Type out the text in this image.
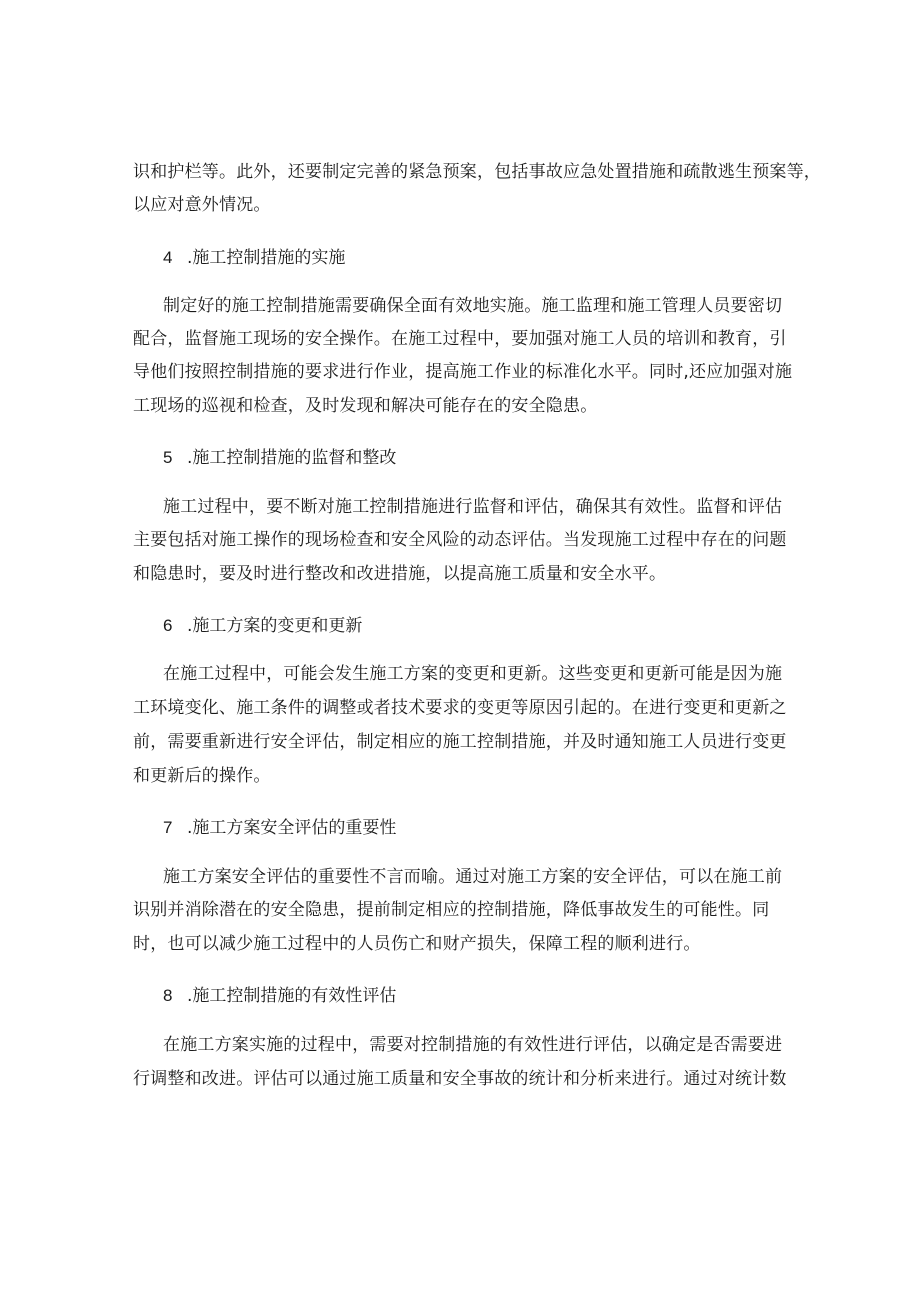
识和护栏等。此外，还要制定完善的紧急预案，包括事故应急处置措施和疏散逃生预案等，
以应对意外情况。
4 .施工控制措施的实施
制定好的施工控制措施需要确保全面有效地实施。施工监理和施工管理人员要密切
配合，监督施工现场的安全操作。在施工过程中，要加强对施工人员的培训和教育，引
导他们按照控制措施的要求进行作业，提高施工作业的标准化水平。同时,还应加强对施
工现场的巡视和检查，及时发现和解决可能存在的安全隐患。
5 .施工控制措施的监督和整改
施工过程中，要不断对施工控制措施进行监督和评估，确保其有效性。监督和评估
主要包括对施工操作的现场检查和安全风险的动态评估。当发现施工过程中存在的问题
和隐患时，要及时进行整改和改进措施，以提高施工质量和安全水平。
6 .施工方案的变更和更新
在施工过程中，可能会发生施工方案的变更和更新。这些变更和更新可能是因为施
工环境变化、施工条件的调整或者技术要求的变更等原因引起的。在进行变更和更新之
前，需要重新进行安全评估，制定相应的施工控制措施，并及时通知施工人员进行变更
和更新后的操作。
7 .施工方案安全评估的重要性
施工方案安全评估的重要性不言而喻。通过对施工方案的安全评估，可以在施工前
识别并消除潜在的安全隐患，提前制定相应的控制措施，降低事故发生的可能性。同
时，也可以减少施工过程中的人员伤亡和财产损失，保障工程的顺利进行。
8 .施工控制措施的有效性评估
在施工方案实施的过程中，需要对控制措施的有效性进行评估，以确定是否需要进
行调整和改进。评估可以通过施工质量和安全事故的统计和分析来进行。通过对统计数
